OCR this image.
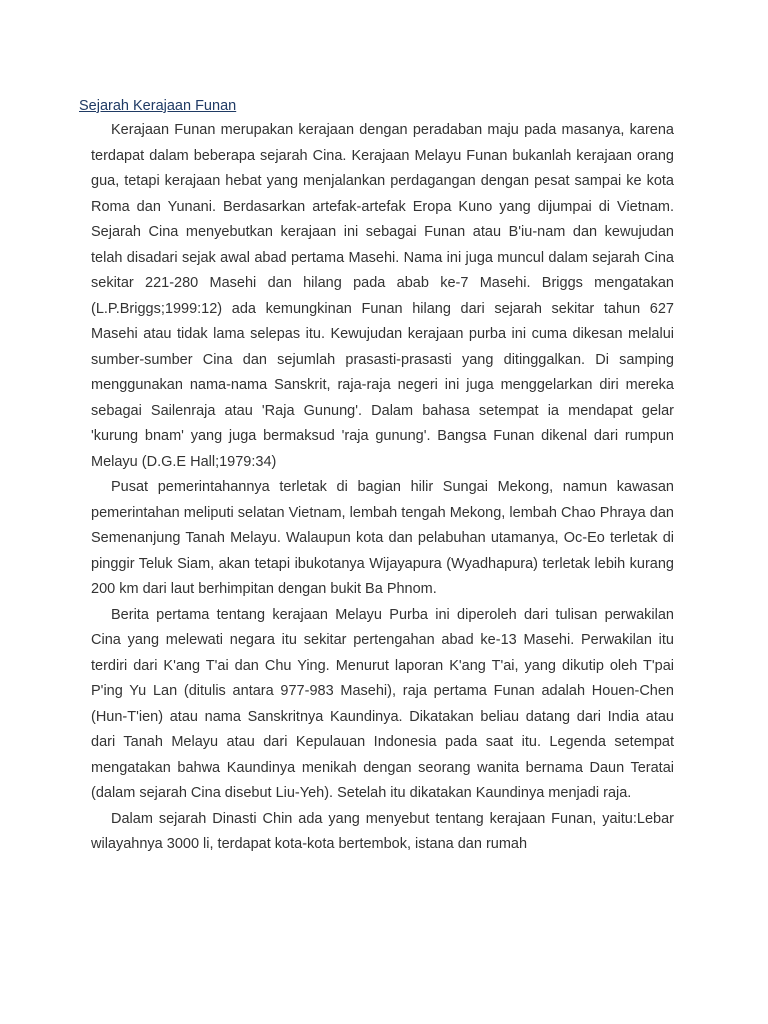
Sejarah Kerajaan Funan

Kerajaan Funan merupakan kerajaan dengan peradaban maju pada masanya, karena terdapat dalam beberapa sejarah Cina. Kerajaan Melayu Funan bukanlah kerajaan orang gua, tetapi kerajaan hebat yang menjalankan perdagangan dengan pesat sampai ke kota Roma dan Yunani. Berdasarkan artefak-artefak Eropa Kuno yang dijumpai di Vietnam. Sejarah Cina menyebutkan kerajaan ini sebagai Funan atau B'iu-nam dan kewujudan telah disadari sejak awal abad pertama Masehi. Nama ini juga muncul dalam sejarah Cina sekitar 221-280 Masehi dan hilang pada abab ke-7 Masehi. Briggs mengatakan (L.P.Briggs;1999:12) ada kemungkinan Funan hilang dari sejarah sekitar tahun 627 Masehi atau tidak lama selepas itu. Kewujudan kerajaan purba ini cuma dikesan melalui sumber-sumber Cina dan sejumlah prasasti-prasasti yang ditinggalkan. Di samping menggunakan nama-nama Sanskrit, raja-raja negeri ini juga menggelarkan diri mereka sebagai Sailenraja atau 'Raja Gunung'. Dalam bahasa setempat ia mendapat gelar 'kurung bnam' yang juga bermaksud 'raja gunung'. Bangsa Funan dikenal dari rumpun Melayu (D.G.E Hall;1979:34)

Pusat pemerintahannya terletak di bagian hilir Sungai Mekong, namun kawasan pemerintahan meliputi selatan Vietnam, lembah tengah Mekong, lembah Chao Phraya dan Semenanjung Tanah Melayu. Walaupun kota dan pelabuhan utamanya, Oc-Eo terletak di pinggir Teluk Siam, akan tetapi ibukotanya Wijayapura (Wyadhapura) terletak lebih kurang 200 km dari laut berhimpitan dengan bukit Ba Phnom.

Berita pertama tentang kerajaan Melayu Purba ini diperoleh dari tulisan perwakilan Cina yang melewati negara itu sekitar pertengahan abad ke-13 Masehi. Perwakilan itu terdiri dari K'ang T'ai dan Chu Ying. Menurut laporan K'ang T'ai, yang dikutip oleh T'pai P'ing Yu Lan (ditulis antara 977-983 Masehi), raja pertama Funan adalah Houen-Chen (Hun-T'ien) atau nama Sanskritnya Kaundinya. Dikatakan beliau datang dari India atau dari Tanah Melayu atau dari Kepulauan Indonesia pada saat itu. Legenda setempat mengatakan bahwa Kaundinya menikah dengan seorang wanita bernama Daun Teratai (dalam sejarah Cina disebut Liu-Yeh). Setelah itu dikatakan Kaundinya menjadi raja.

Dalam sejarah Dinasti Chin ada yang menyebut tentang kerajaan Funan, yaitu:Lebar wilayahnya 3000 li, terdapat kota-kota bertembok, istana dan rumah
